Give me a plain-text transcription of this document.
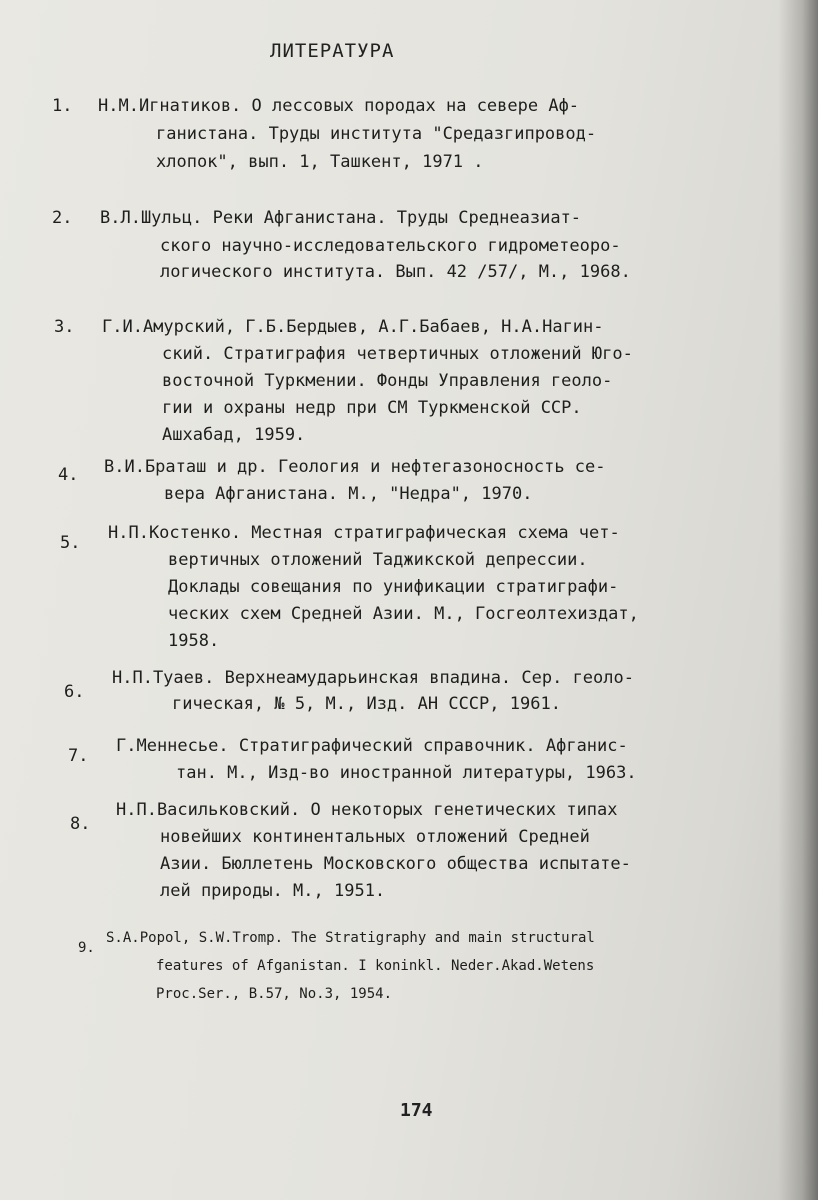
ЛИТЕРАТУРА
1. Н.М.Игнатиков. О лессовых породах на севере Аф-
ганистана. Труды института "Средазгипровод-
хлопок", вып. 1, Ташкент, 1971 .
2. В.Л.Шульц. Реки Афганистана. Труды Среднеазиат-
ского научно-исследовательского гидрометеоро-
логического института. Вып. 42 /57/, М., 1968.
3. Г.И.Амурский, Г.Б.Бердыев, А.Г.Бабаев, Н.А.Нагин-
ский. Стратиграфия четвертичных отложений Юго-
восточной Туркмении. Фонды Управления геоло-
гии и охраны недр при СМ Туркменской ССР.
Ашхабад, 1959.
4. В.И.Браташ и др. Геология и нефтегазоносность се-
вера Афганистана. М., "Недра", 1970.
5. Н.П.Костенко. Местная стратиграфическая схема чет-
вертичных отложений Таджикской депрессии.
Доклады совещания по унификации стратиграфи-
ческих схем Средней Азии. М., Госгеолтехиздат,
1958.
6.
Н.П.Туаев. Верхнеамударьинская впадина. Сер. геоло-
гическая, № 5, М., Изд. АН СССР, 1961.
7. Г.Меннесье. Стратиграфический справочник. Афганис-
тан. М., Изд-во иностранной литературы, 1963.
8.
Н.П.Васильковский. О некоторых генетических типах
новейших континентальных отложений Средней
Азии. Бюллетень Московского общества испытате-
лей природы. М., 1951.
9.
S.A.Popol, S.W.Tromp. The Stratigraphy and main structural
features of Afganistan. I koninkl. Neder.Akad.Wetens
Proc.Ser., B.57, No.3, 1954.
174
